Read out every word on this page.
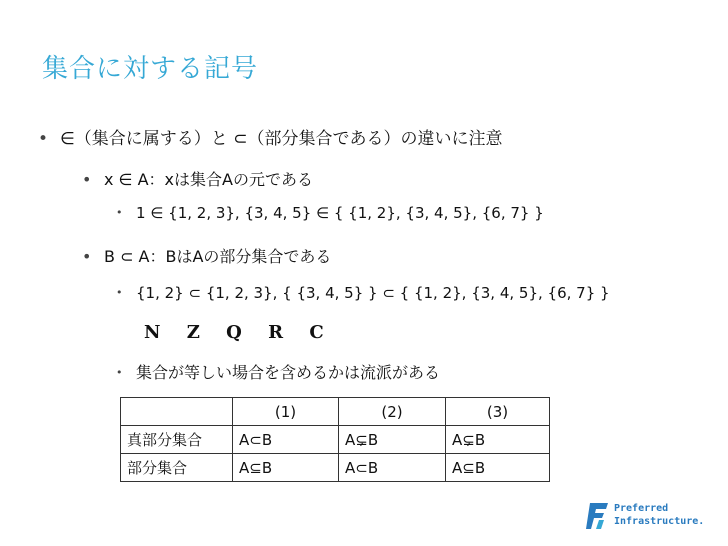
集合に対する記号
• ∈（集合に属する）と ⊂（部分集合である）の違いに注意
• x ∈ A：xは集合Aの元である
• 1 ∈ {1, 2, 3}, {3, 4, 5} ∈ { {1, 2}, {3, 4, 5}, {6, 7} }
• B ⊂ A：BはAの部分集合である
• {1, 2} ⊂ {1, 2, 3}, { {3, 4, 5} } ⊂ { {1, 2}, {3, 4, 5}, {6, 7} }
N Z Q R C
• 集合が等しい場合を含めるかは流派がある
	(1)	(2)	(3)
真部分集合	A⊂B	A⊊B	A⊊B
部分集合	A⊆B	A⊂B	A⊆B
Preferred
Infrastructure.
